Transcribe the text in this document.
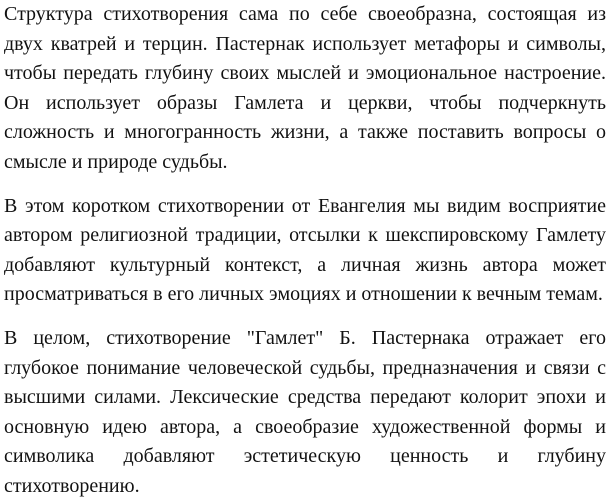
Структура стихотворения сама по себе своеобразна, состоящая из двух кватрей и терцин. Пастернак использует метафоры и символы, чтобы передать глубину своих мыслей и эмоциональное настроение. Он использует образы Гамлета и церкви, чтобы подчеркнуть сложность и многогранность жизни, а также поставить вопросы о смысле и природе судьбы.

В этом коротком стихотворении от Евангелия мы видим восприятие автором религиозной традиции, отсылки к шекспировскому Гамлету добавляют культурный контекст, а личная жизнь автора может просматриваться в его личных эмоциях и отношении к вечным темам.

В целом, стихотворение "Гамлет" Б. Пастернака отражает его глубокое понимание человеческой судьбы, предназначения и связи с высшими силами. Лексические средства передают колорит эпохи и основную идею автора, а своеобразие художественной формы и символика добавляют эстетическую ценность и глубину стихотворению.
